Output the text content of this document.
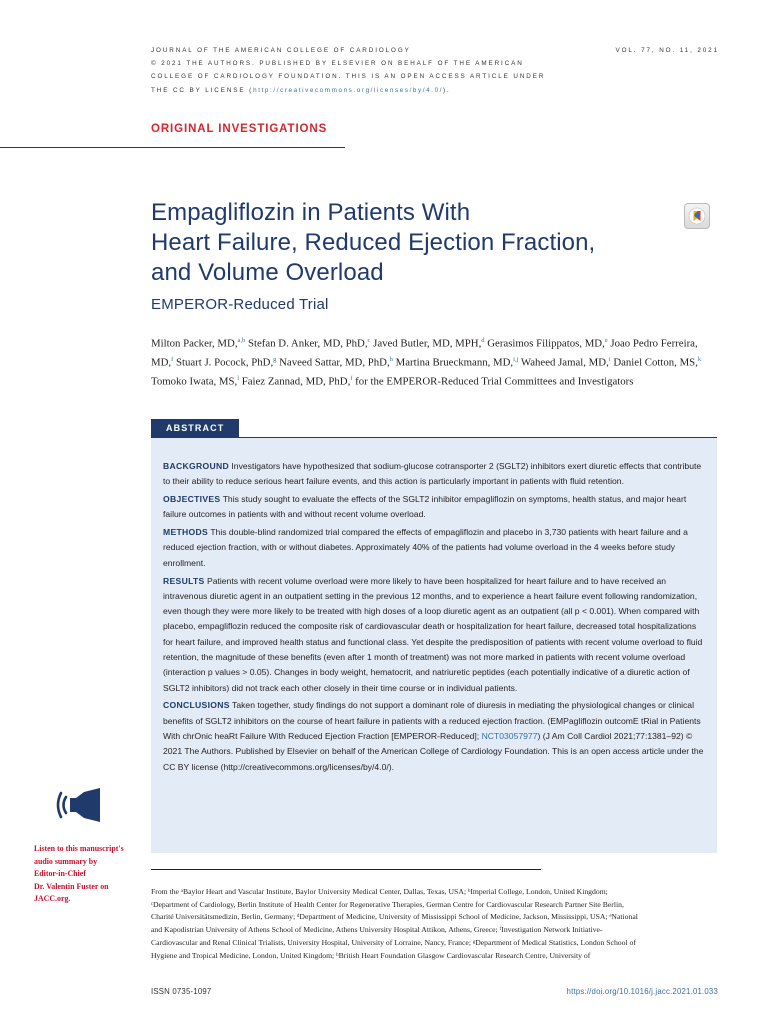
JOURNAL OF THE AMERICAN COLLEGE OF CARDIOLOGY
© 2021 THE AUTHORS. PUBLISHED BY ELSEVIER ON BEHALF OF THE AMERICAN
COLLEGE OF CARDIOLOGY FOUNDATION. THIS IS AN OPEN ACCESS ARTICLE UNDER
THE CC BY LICENSE (http://creativecommons.org/licenses/by/4.0/).
VOL. 77, NO. 11, 2021
ORIGINAL INVESTIGATIONS
Empagliflozin in Patients With
Heart Failure, Reduced Ejection Fraction,
and Volume Overload
EMPEROR-Reduced Trial
Milton Packer, MD,$^{a,b}$ Stefan D. Anker, MD, PhD,$^c$ Javed Butler, MD, MPH,$^d$ Gerasimos Filippatos, MD,$^e$ Joao Pedro Ferreira, MD,$^f$ Stuart J. Pocock, PhD,$^g$ Naveed Sattar, MD, PhD,$^h$ Martina Brueckmann, MD,$^{i,j}$ Waheed Jamal, MD,$^i$ Daniel Cotton, MS,$^k$ Tomoko Iwata, MS,$^l$ Faiez Zannad, MD, PhD,$^f$ for the EMPEROR-Reduced Trial Committees and Investigators
ABSTRACT

BACKGROUND Investigators have hypothesized that sodium-glucose cotransporter 2 (SGLT2) inhibitors exert diuretic effects that contribute to their ability to reduce serious heart failure events, and this action is particularly important in patients with fluid retention.

OBJECTIVES This study sought to evaluate the effects of the SGLT2 inhibitor empagliflozin on symptoms, health status, and major heart failure outcomes in patients with and without recent volume overload.

METHODS This double-blind randomized trial compared the effects of empagliflozin and placebo in 3,730 patients with heart failure and a reduced ejection fraction, with or without diabetes. Approximately 40% of the patients had volume overload in the 4 weeks before study enrollment.

RESULTS Patients with recent volume overload were more likely to have been hospitalized for heart failure and to have received an intravenous diuretic agent in an outpatient setting in the previous 12 months, and to experience a heart failure event following randomization, even though they were more likely to be treated with high doses of a loop diuretic agent as an outpatient (all p < 0.001). When compared with placebo, empagliflozin reduced the composite risk of cardiovascular death or hospitalization for heart failure, decreased total hospitalizations for heart failure, and improved health status and functional class. Yet despite the predisposition of patients with recent volume overload to fluid retention, the magnitude of these benefits (even after 1 month of treatment) was not more marked in patients with recent volume overload (interaction p values > 0.05). Changes in body weight, hematocrit, and natriuretic peptides (each potentially indicative of a diuretic action of SGLT2 inhibitors) did not track each other closely in their time course or in individual patients.

CONCLUSIONS Taken together, study findings do not support a dominant role of diuresis in mediating the physiological changes or clinical benefits of SGLT2 inhibitors on the course of heart failure in patients with a reduced ejection fraction. (EMPagliflozin outcomE tRial in Patients With chrOnic heaRt Failure With Reduced Ejection Fraction [EMPEROR-Reduced]; NCT03057977) (J Am Coll Cardiol 2021;77:1381–92) © 2021 The Authors. Published by Elsevier on behalf of the American College of Cardiology Foundation. This is an open access article under the CC BY license (http://creativecommons.org/licenses/by/4.0/).

Listen to this manuscript's
audio summary by
Editor-in-Chief
Dr. Valentin Fuster on
JACC.org.
From the ᵃBaylor Heart and Vascular Institute, Baylor University Medical Center, Dallas, Texas, USA; ᵇImperial College, London, United Kingdom; ᶜDepartment of Cardiology, Berlin Institute of Health Center for Regenerative Therapies, German Centre for Cardiovascular Research Partner Site Berlin, Charité Universitätsmedizin, Berlin, Germany; ᵈDepartment of Medicine, University of Mississippi School of Medicine, Jackson, Mississippi, USA; ᵉNational and Kapodistrian University of Athens School of Medicine, Athens University Hospital Attikon, Athens, Greece; ᶠInvestigation Network Initiative-Cardiovascular and Renal Clinical Trialists, University Hospital, University of Lorraine, Nancy, France; ᵍDepartment of Medical Statistics, London School of Hygiene and Tropical Medicine, London, United Kingdom; ʰBritish Heart Foundation Glasgow Cardiovascular Research Centre, University of
ISSN 0735-1097	https://doi.org/10.1016/j.jacc.2021.01.033
